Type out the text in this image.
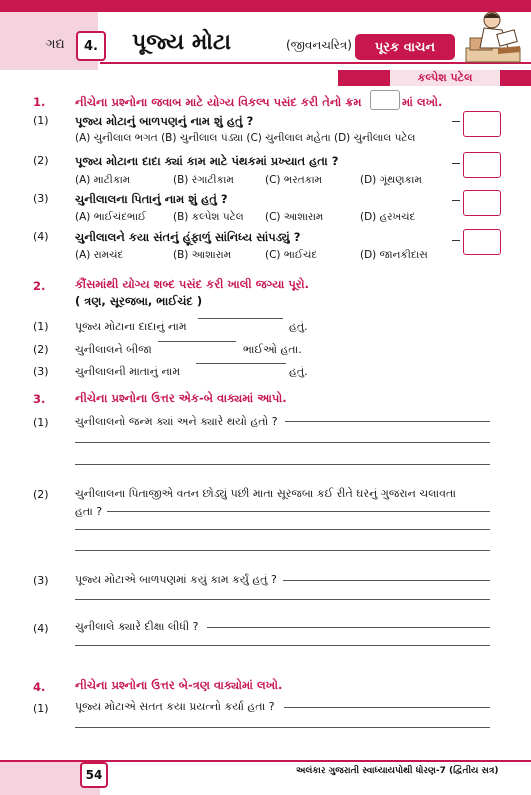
ગદ્ય	4.	પૂજ્ય મોટા	(જીવનચરિત્ર)	પૂરક વાચન
કલ્પેશ પટેલ
1.	નીચેના પ્રશ્નોના જવાબ માટે યોગ્ય વિકલ્પ પસંદ કરી તેનો ક્રમ	માં લખો.
(1) પૂજ્ય મોટાનું બાળપણનું નામ શું હતું ?
(A) ચુનીલાલ ભગત (B) ચુનીલાલ પંડ્યા (C) ચુનીલાલ મહેતા (D) ચુનીલાલ પટેલ
(2) પૂજ્ય મોટાના દાદા ક્યાં કામ માટે પંથકમાં પ્રખ્યાત હતા ?
(A) માટીકામ	(B) રંગાટીકામ	(C) ભરતકામ	(D) ગૂંથણકામ
(3) ચુનીલાલના પિતાનું નામ શું હતું ?
(A) ભાઈચંદભાઈ	(B) કલ્પેશ પટેલ (C) આશારામ	(D) હરખચંદ
(4) ચુનીલાલને કયા સંતનું હૂંફાળું સાંનિધ્ય સાંપડ્યું ?
(A) રામચંદ	(B) આશારામ	(C) ભાઈચંદ	(D) જાનકીદાસ
2.	કૌંસમાંથી યોગ્ય શબ્દ પસંદ કરી ખાલી જગ્યા પૂરો.
( ત્રણ, સૂરજબા, ભાઈચંદ )
(1) પૂજ્ય મોટાના દાદાનું નામ	હતું.
(2) ચુનીલાલને બીજા	ભાઈઓ હતા.
(3) ચુનીલાલની માતાનું નામ	હતું.
3.	નીચેના પ્રશ્નોના ઉત્તર એક-બે વાક્યમાં આપો.
(1) ચુનીલાલનો જન્મ ક્યાં અને ક્યારે થયો હતો ?
(2) ચુનીલાલના પિતાજીએ વતન છોડ્યું પછી માતા સૂરજબા કઈ રીતે ઘરનું ગુજરાન ચલાવતા
હતા ?
(3) પૂજ્ય મોટાએ બાળપણમાં કયું કામ કર્યું હતું ?
(4) ચુનીલાલે ક્યારે દીક્ષા લીધી ?
4.	નીચેના પ્રશ્નોના ઉત્તર બે-ત્રણ વાક્યોમાં લખો.
(1) પૂજ્ય મોટાએ સતત કયા પ્રયત્નો કર્યા હતા ?
54	અલંકાર ગુજરાતી સ્વાધ્યાયપોથી ધોરણ-7 (દ્વિતીય સત્ર)
